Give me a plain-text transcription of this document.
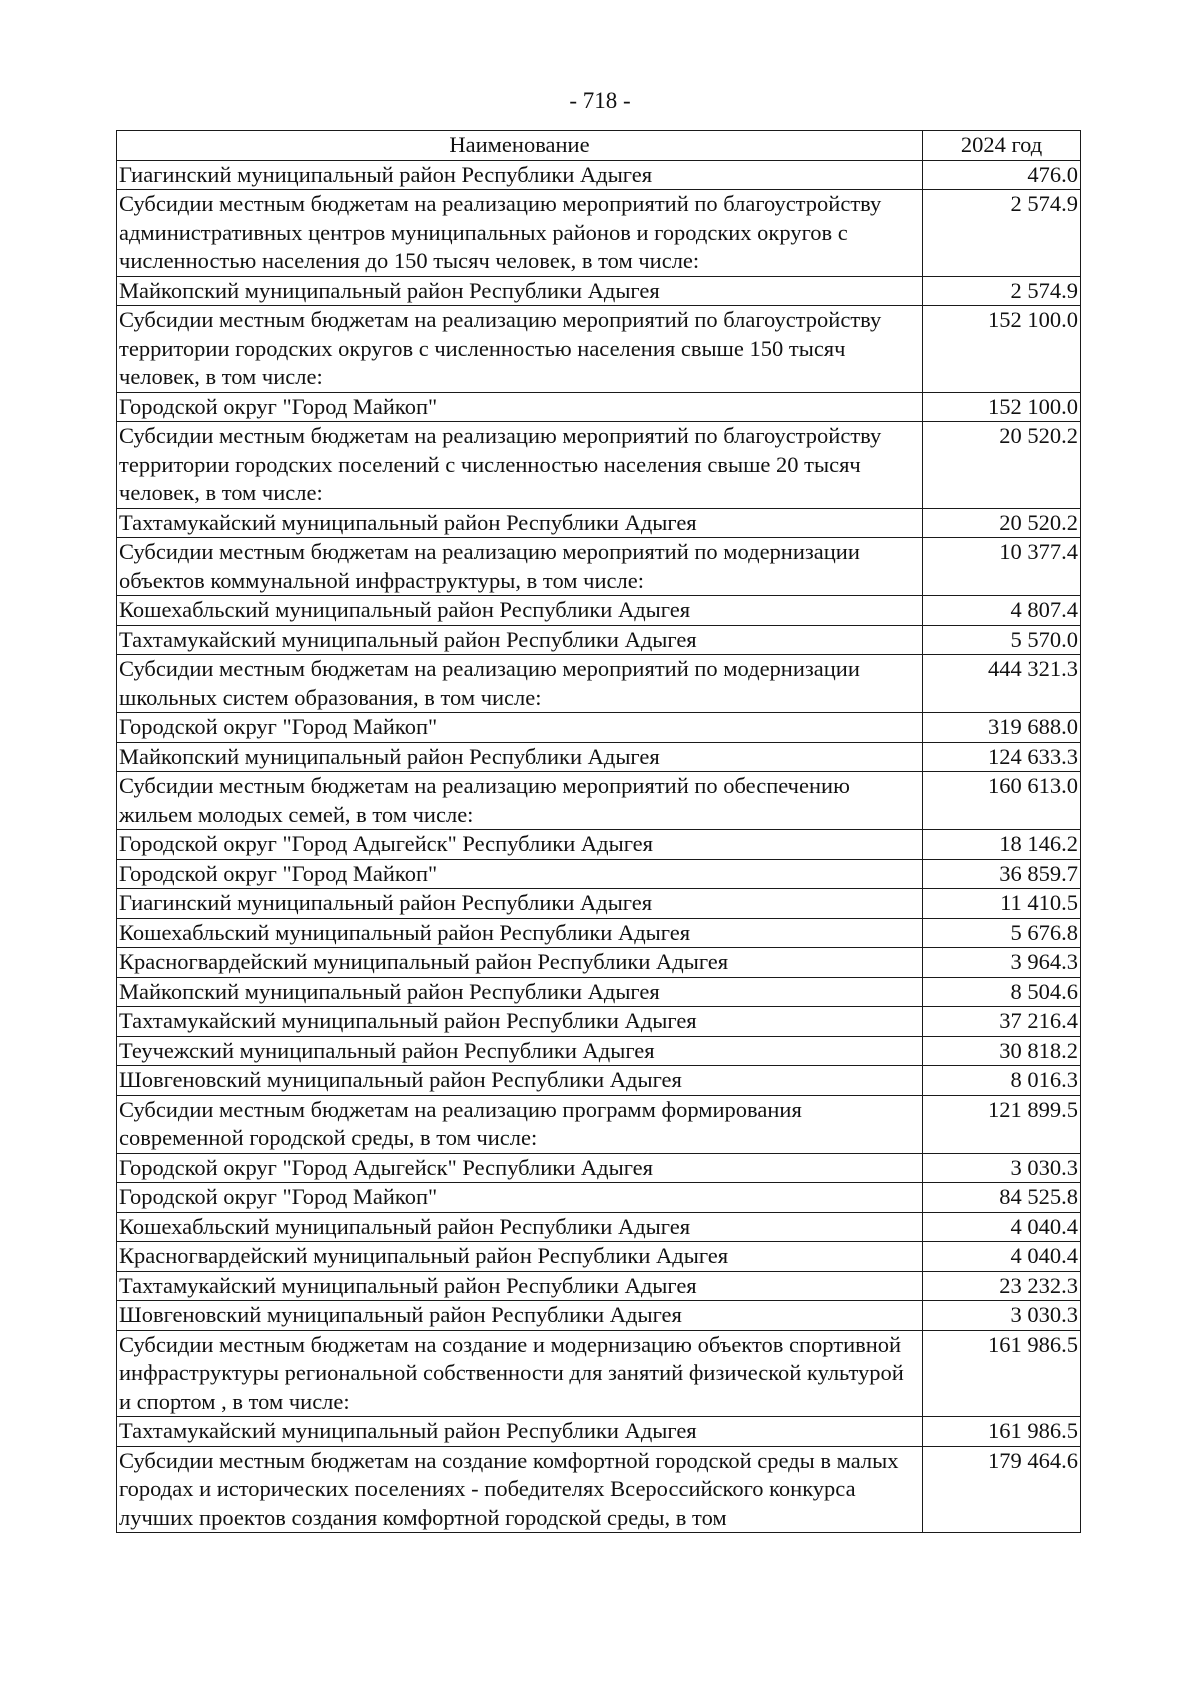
- 718 -
Наименование	2024 год
Гиагинский муниципальный район Республики Адыгея	476.0
Субсидии местным бюджетам на реализацию мероприятий по благоустройству административных центров муниципальных районов и городских округов с численностью населения до 150 тысяч человек, в том числе:	2 574.9
Майкопский муниципальный район Республики Адыгея	2 574.9
Субсидии местным бюджетам на реализацию мероприятий по благоустройству территории городских округов с численностью населения свыше 150 тысяч человек, в том числе:	152 100.0
Городской округ "Город Майкоп"	152 100.0
Субсидии местным бюджетам на реализацию мероприятий по благоустройству территории городских поселений с численностью населения свыше 20 тысяч человек, в том числе:	20 520.2
Тахтамукайский муниципальный район Республики Адыгея	20 520.2
Субсидии местным бюджетам на реализацию мероприятий по модернизации объектов коммунальной инфраструктуры, в том числе:	10 377.4
Кошехабльский муниципальный район Республики Адыгея	4 807.4
Тахтамукайский муниципальный район Республики Адыгея	5 570.0
Субсидии местным бюджетам на реализацию мероприятий по модернизации школьных систем образования, в том числе:	444 321.3
Городской округ "Город Майкоп"	319 688.0
Майкопский муниципальный район Республики Адыгея	124 633.3
Субсидии местным бюджетам на реализацию мероприятий по обеспечению жильем молодых семей, в том числе:	160 613.0
Городской округ "Город Адыгейск" Республики Адыгея	18 146.2
Городской округ "Город Майкоп"	36 859.7
Гиагинский муниципальный район Республики Адыгея	11 410.5
Кошехабльский муниципальный район Республики Адыгея	5 676.8
Красногвардейский муниципальный район Республики Адыгея	3 964.3
Майкопский муниципальный район Республики Адыгея	8 504.6
Тахтамукайский муниципальный район Республики Адыгея	37 216.4
Теучежский муниципальный район Республики Адыгея	30 818.2
Шовгеновский муниципальный район Республики Адыгея	8 016.3
Субсидии местным бюджетам на реализацию программ формирования современной городской среды, в том числе:	121 899.5
Городской округ "Город Адыгейск" Республики Адыгея	3 030.3
Городской округ "Город Майкоп"	84 525.8
Кошехабльский муниципальный район Республики Адыгея	4 040.4
Красногвардейский муниципальный район Республики Адыгея	4 040.4
Тахтамукайский муниципальный район Республики Адыгея	23 232.3
Шовгеновский муниципальный район Республики Адыгея	3 030.3
Субсидии местным бюджетам на создание и модернизацию объектов спортивной инфраструктуры региональной собственности для занятий физической культурой и спортом , в том числе:	161 986.5
Тахтамукайский муниципальный район Республики Адыгея	161 986.5
Субсидии местным бюджетам на создание комфортной городской среды в малых городах и исторических поселениях - победителях Всероссийского конкурса лучших проектов создания комфортной городской среды, в том	179 464.6
